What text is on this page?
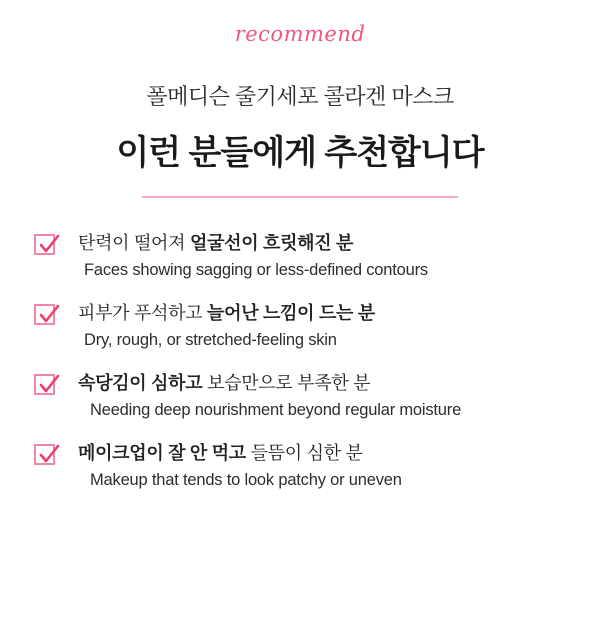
recommend
폴메디슨 줄기세포 콜라겐 마스크
이런 분들에게 추천합니다
탄력이 떨어져 얼굴선이 흐릿해진 분
Faces showing sagging or less-defined contours
피부가 푸석하고 늘어난 느낌이 드는 분
Dry, rough, or stretched-feeling skin
속당김이 심하고 보습만으로 부족한 분
Needing deep nourishment beyond regular moisture
메이크업이 잘 안 먹고 들뜸이 심한 분
Makeup that tends to look patchy or uneven
